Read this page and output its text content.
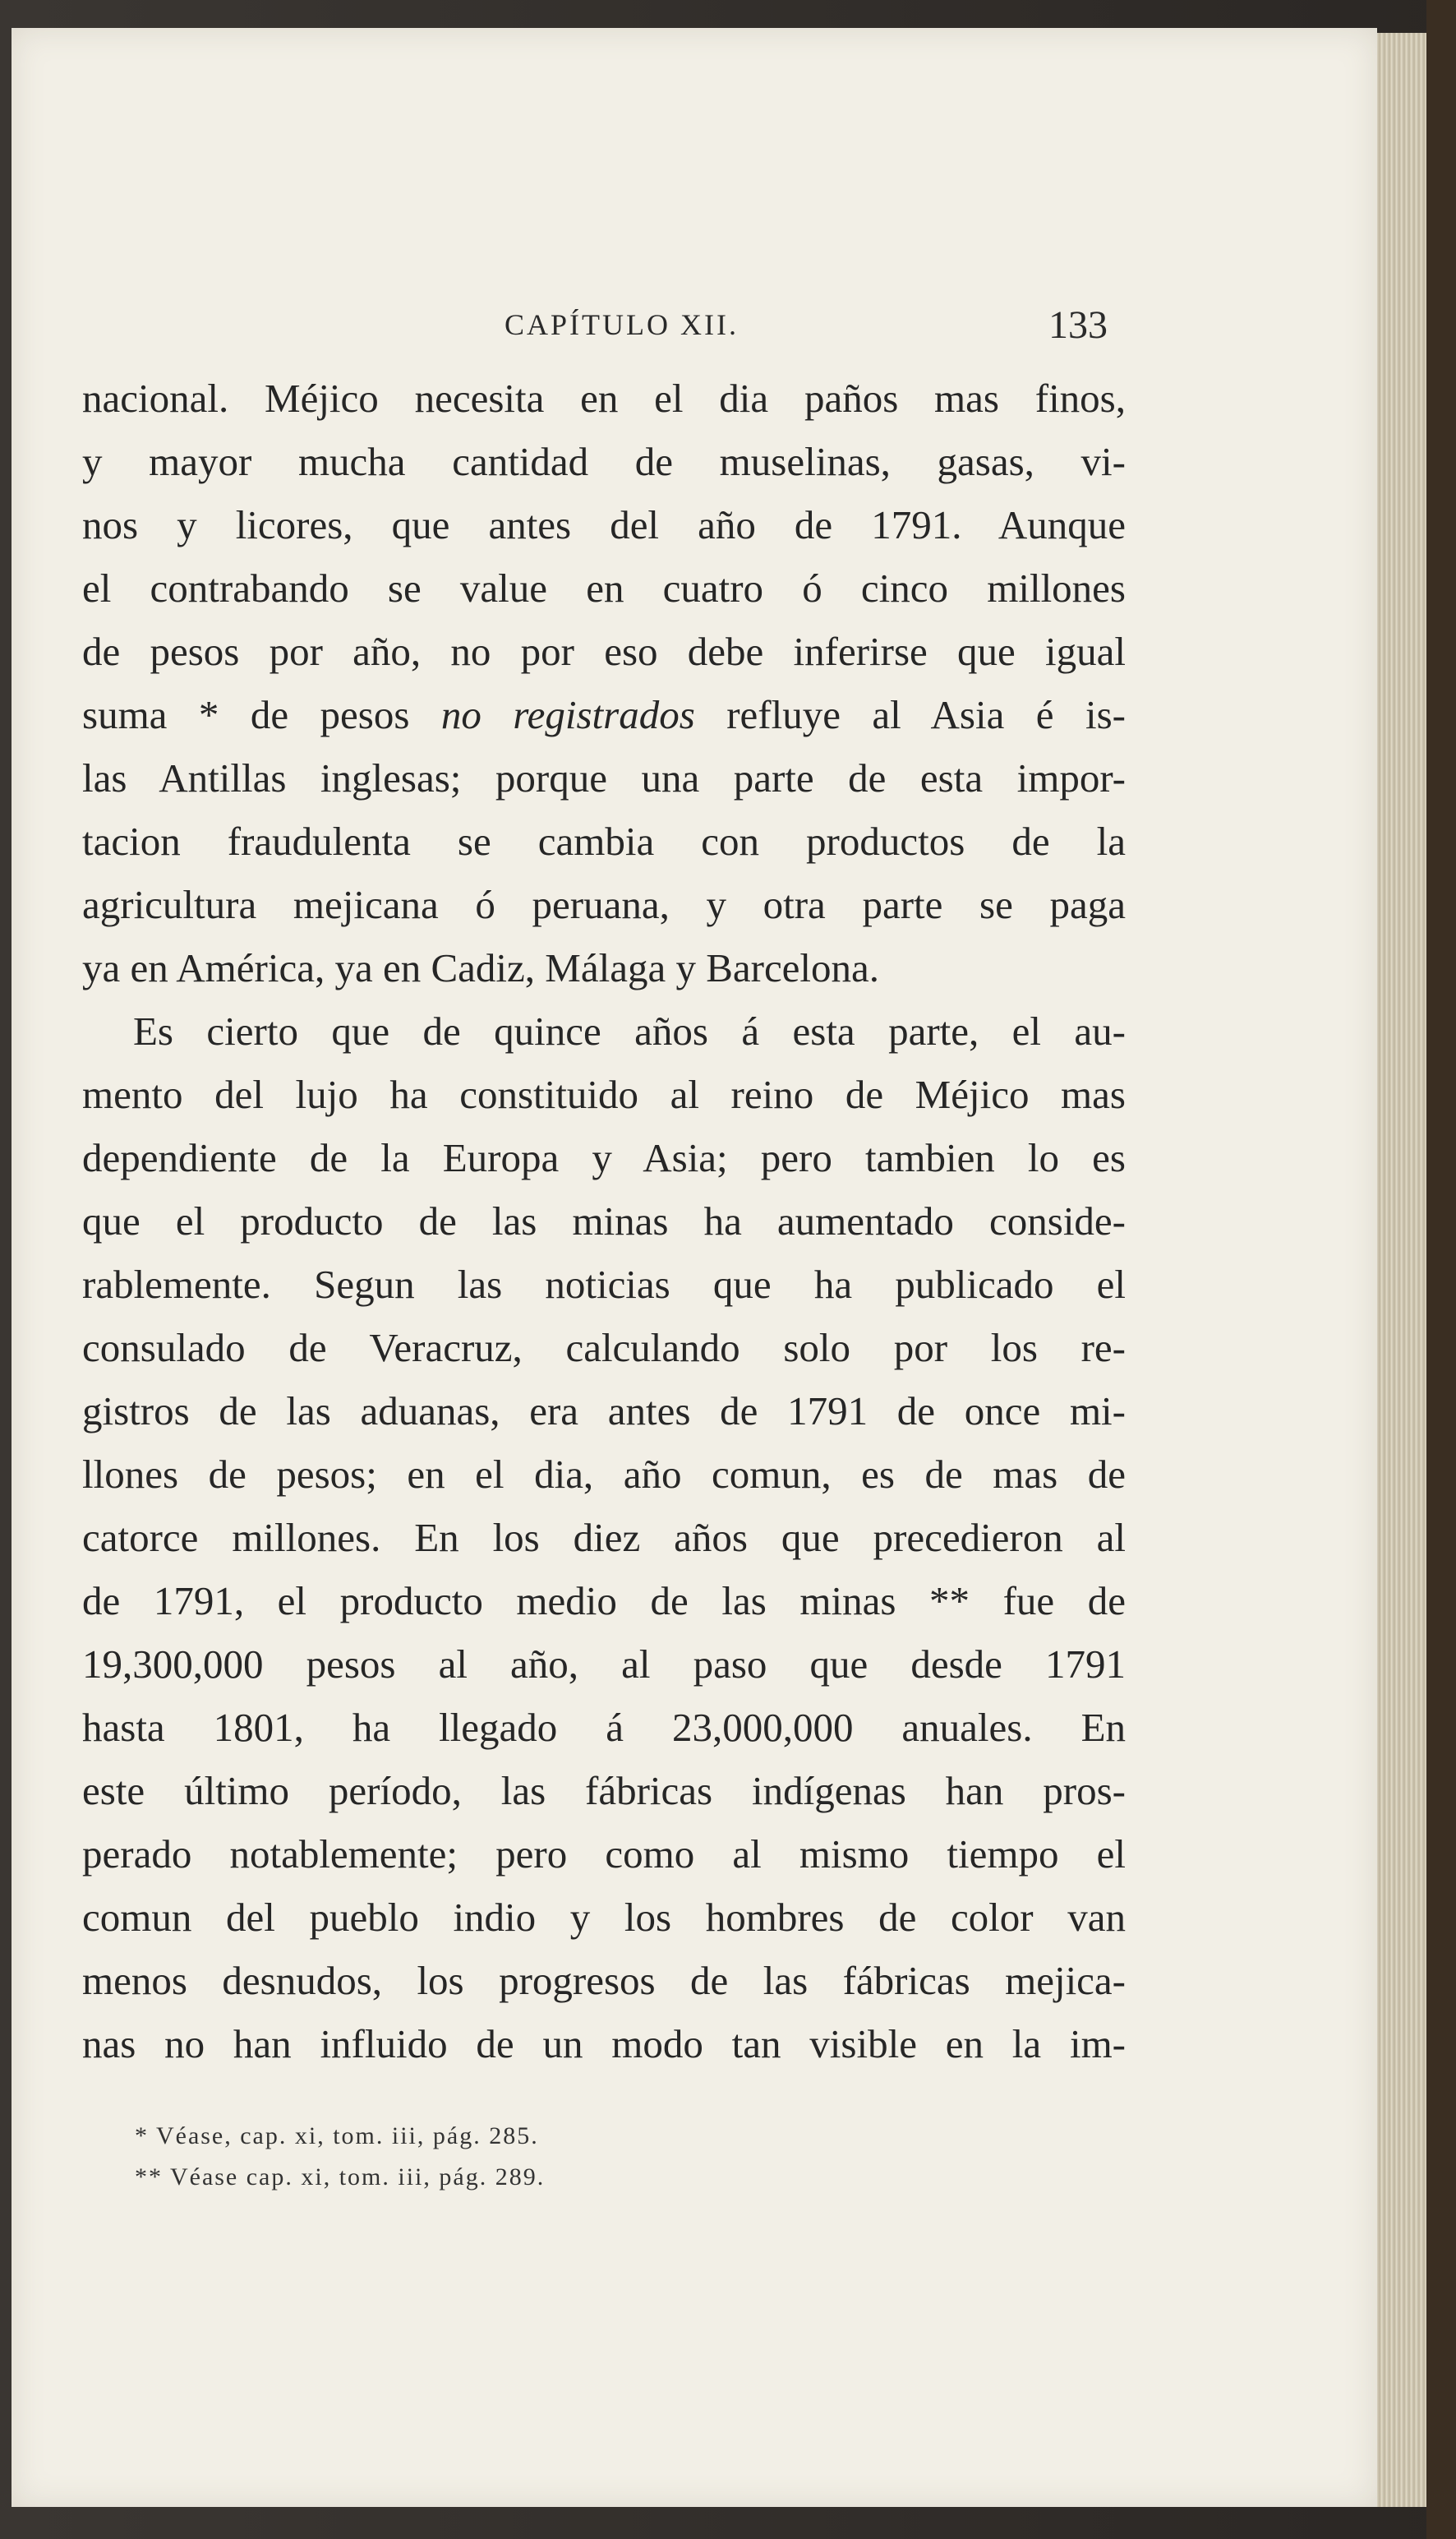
CAPÍTULO XII.	133
nacional. Méjico necesita en el dia paños mas finos,
y mayor mucha cantidad de muselinas, gasas, vi-
nos y licores, que antes del año de 1791. Aunque
el contrabando se value en cuatro ó cinco millones
de pesos por año, no por eso debe inferirse que igual
suma * de pesos no registrados refluye al Asia é is-
las Antillas inglesas; porque una parte de esta impor-
tacion fraudulenta se cambia con productos de la
agricultura mejicana ó peruana, y otra parte se paga
ya en América, ya en Cadiz, Málaga y Barcelona.
Es cierto que de quince años á esta parte, el au-
mento del lujo ha constituido al reino de Méjico mas
dependiente de la Europa y Asia; pero tambien lo es
que el producto de las minas ha aumentado conside-
rablemente. Segun las noticias que ha publicado el
consulado de Veracruz, calculando solo por los re-
gistros de las aduanas, era antes de 1791 de once mi-
llones de pesos; en el dia, año comun, es de mas de
catorce millones. En los diez años que precedieron al
de 1791, el producto medio de las minas ** fue de
19,300,000 pesos al año, al paso que desde 1791
hasta 1801, ha llegado á 23,000,000 anuales. En
este último período, las fábricas indígenas han pros-
perado notablemente; pero como al mismo tiempo el
comun del pueblo indio y los hombres de color van
menos desnudos, los progresos de las fábricas mejica-
nas no han influido de un modo tan visible en la im-
* Véase, cap. xi, tom. iii, pág. 285.
** Véase cap. xi, tom. iii, pág. 289.
